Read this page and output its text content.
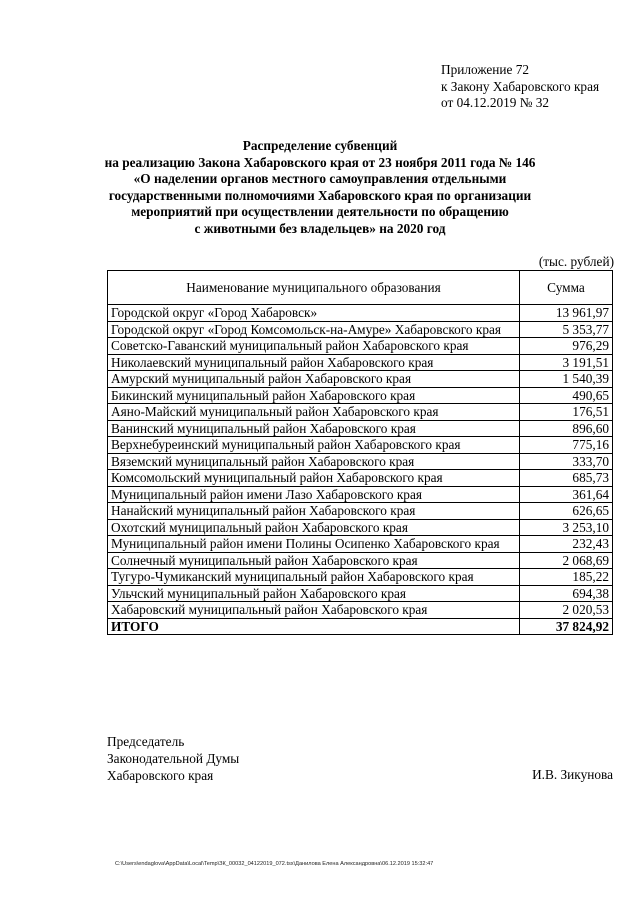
Приложение 72
к Закону Хабаровского края
от 04.12.2019 № 32
Распределение субвенций
на реализацию Закона Хабаровского края от 23 ноября 2011 года № 146
«О наделении органов местного самоуправления отдельными
государственными полномочиями Хабаровского края по организации
мероприятий при осуществлении деятельности по обращению
с животными без владельцев» на 2020 год
(тыс. рублей)
Наименование муниципального образования	Сумма
Городской округ «Город Хабаровск»	13 961,97
Городской округ «Город Комсомольск-на-Амуре» Хабаровского края	5 353,77
Советско-Гаванский муниципальный район Хабаровского края	976,29
Николаевский муниципальный район Хабаровского края	3 191,51
Амурский муниципальный район Хабаровского края	1 540,39
Бикинский муниципальный район Хабаровского края	490,65
Аяно-Майский муниципальный район Хабаровского края	176,51
Ванинский муниципальный район Хабаровского края	896,60
Верхнебуреинский муниципальный район Хабаровского края	775,16
Вяземский муниципальный район Хабаровского края	333,70
Комсомольский муниципальный район Хабаровского края	685,73
Муниципальный район имени Лазо Хабаровского края	361,64
Нанайский муниципальный район Хабаровского края	626,65
Охотский муниципальный район Хабаровского края	3 253,10
Муниципальный район имени Полины Осипенко Хабаровского края	232,43
Солнечный муниципальный район Хабаровского края	2 068,69
Тугуро-Чумиканский муниципальный район Хабаровского края	185,22
Ульчский муниципальный район Хабаровского края	694,38
Хабаровский муниципальный район Хабаровского края	2 020,53
ИТОГО	37 824,92
Председатель
Законодательной Думы
Хабаровского края	И.В. Зикунова
C:\Users\endaglova\AppData\Local\Temp\ЗК_00032_04122019_072.tsx\Данилова Елена Александровна\06.12.2019 15:32:47
